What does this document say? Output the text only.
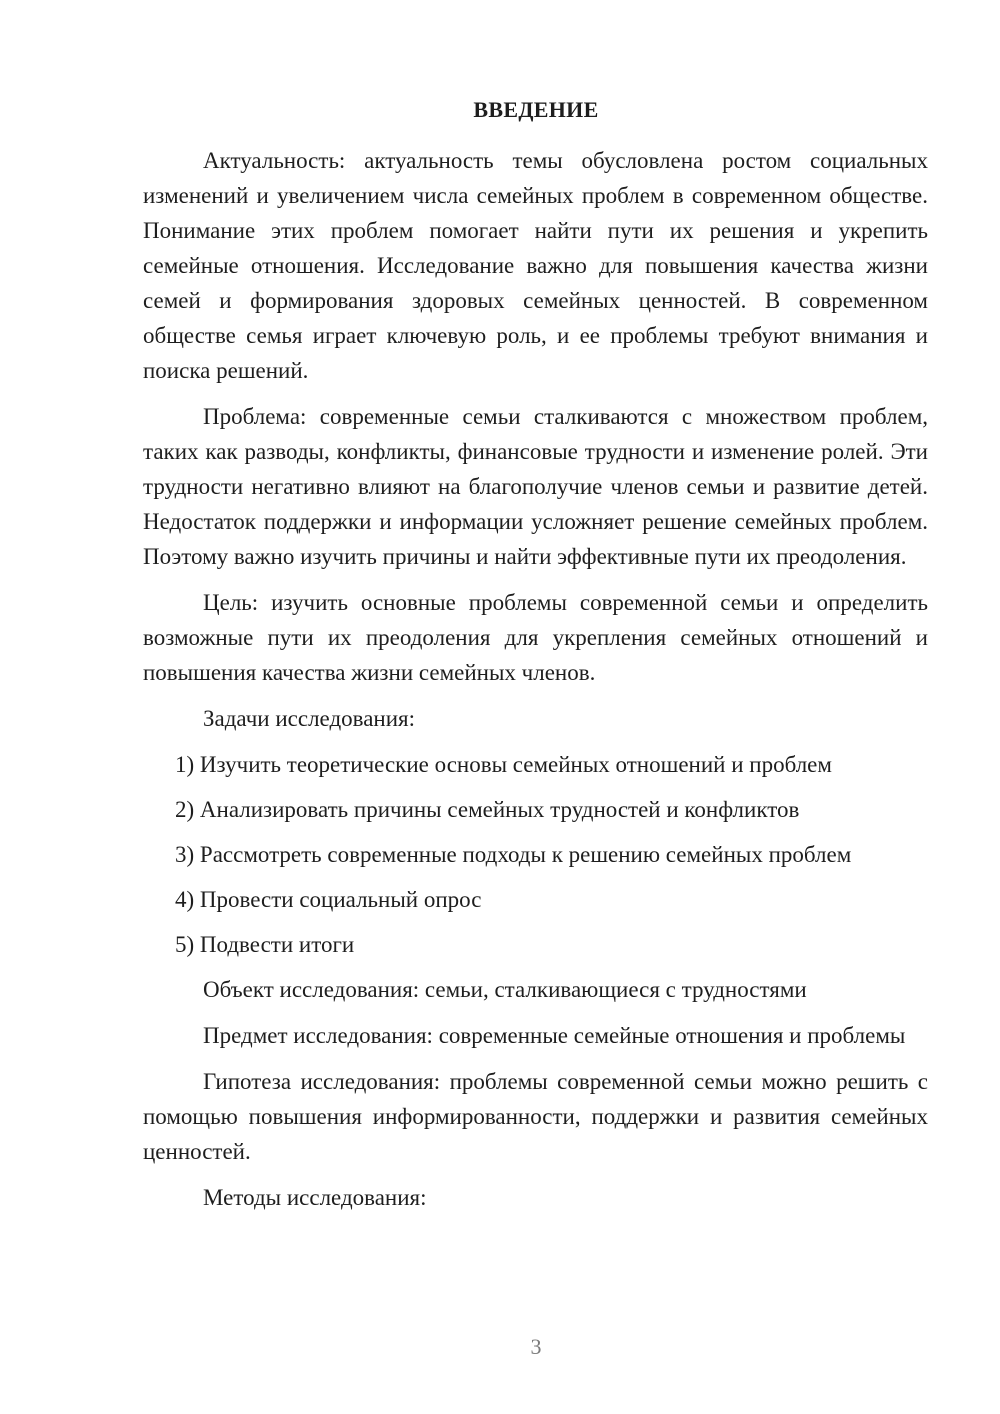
ВВЕДЕНИЕ

Актуальность: актуальность темы обусловлена ростом социальных изменений и увеличением числа семейных проблем в современном обществе. Понимание этих проблем помогает найти пути их решения и укрепить семейные отношения. Исследование важно для повышения качества жизни семей и формирования здоровых семейных ценностей. В современном обществе семья играет ключевую роль, и ее проблемы требуют внимания и поиска решений.

Проблема: современные семьи сталкиваются с множеством проблем, таких как разводы, конфликты, финансовые трудности и изменение ролей. Эти трудности негативно влияют на благополучие членов семьи и развитие детей. Недостаток поддержки и информации усложняет решение семейных проблем. Поэтому важно изучить причины и найти эффективные пути их преодоления.

Цель: изучить основные проблемы современной семьи и определить возможные пути их преодоления для укрепления семейных отношений и повышения качества жизни семейных членов.

Задачи исследования:

1) Изучить теоретические основы семейных отношений и проблем

2) Анализировать причины семейных трудностей и конфликтов

3) Рассмотреть современные подходы к решению семейных проблем

4) Провести социальный опрос

5) Подвести итоги

Объект исследования: семьи, сталкивающиеся с трудностями

Предмет исследования: современные семейные отношения и проблемы

Гипотеза исследования: проблемы современной семьи можно решить с помощью повышения информированности, поддержки и развития семейных ценностей.

Методы исследования:

3
